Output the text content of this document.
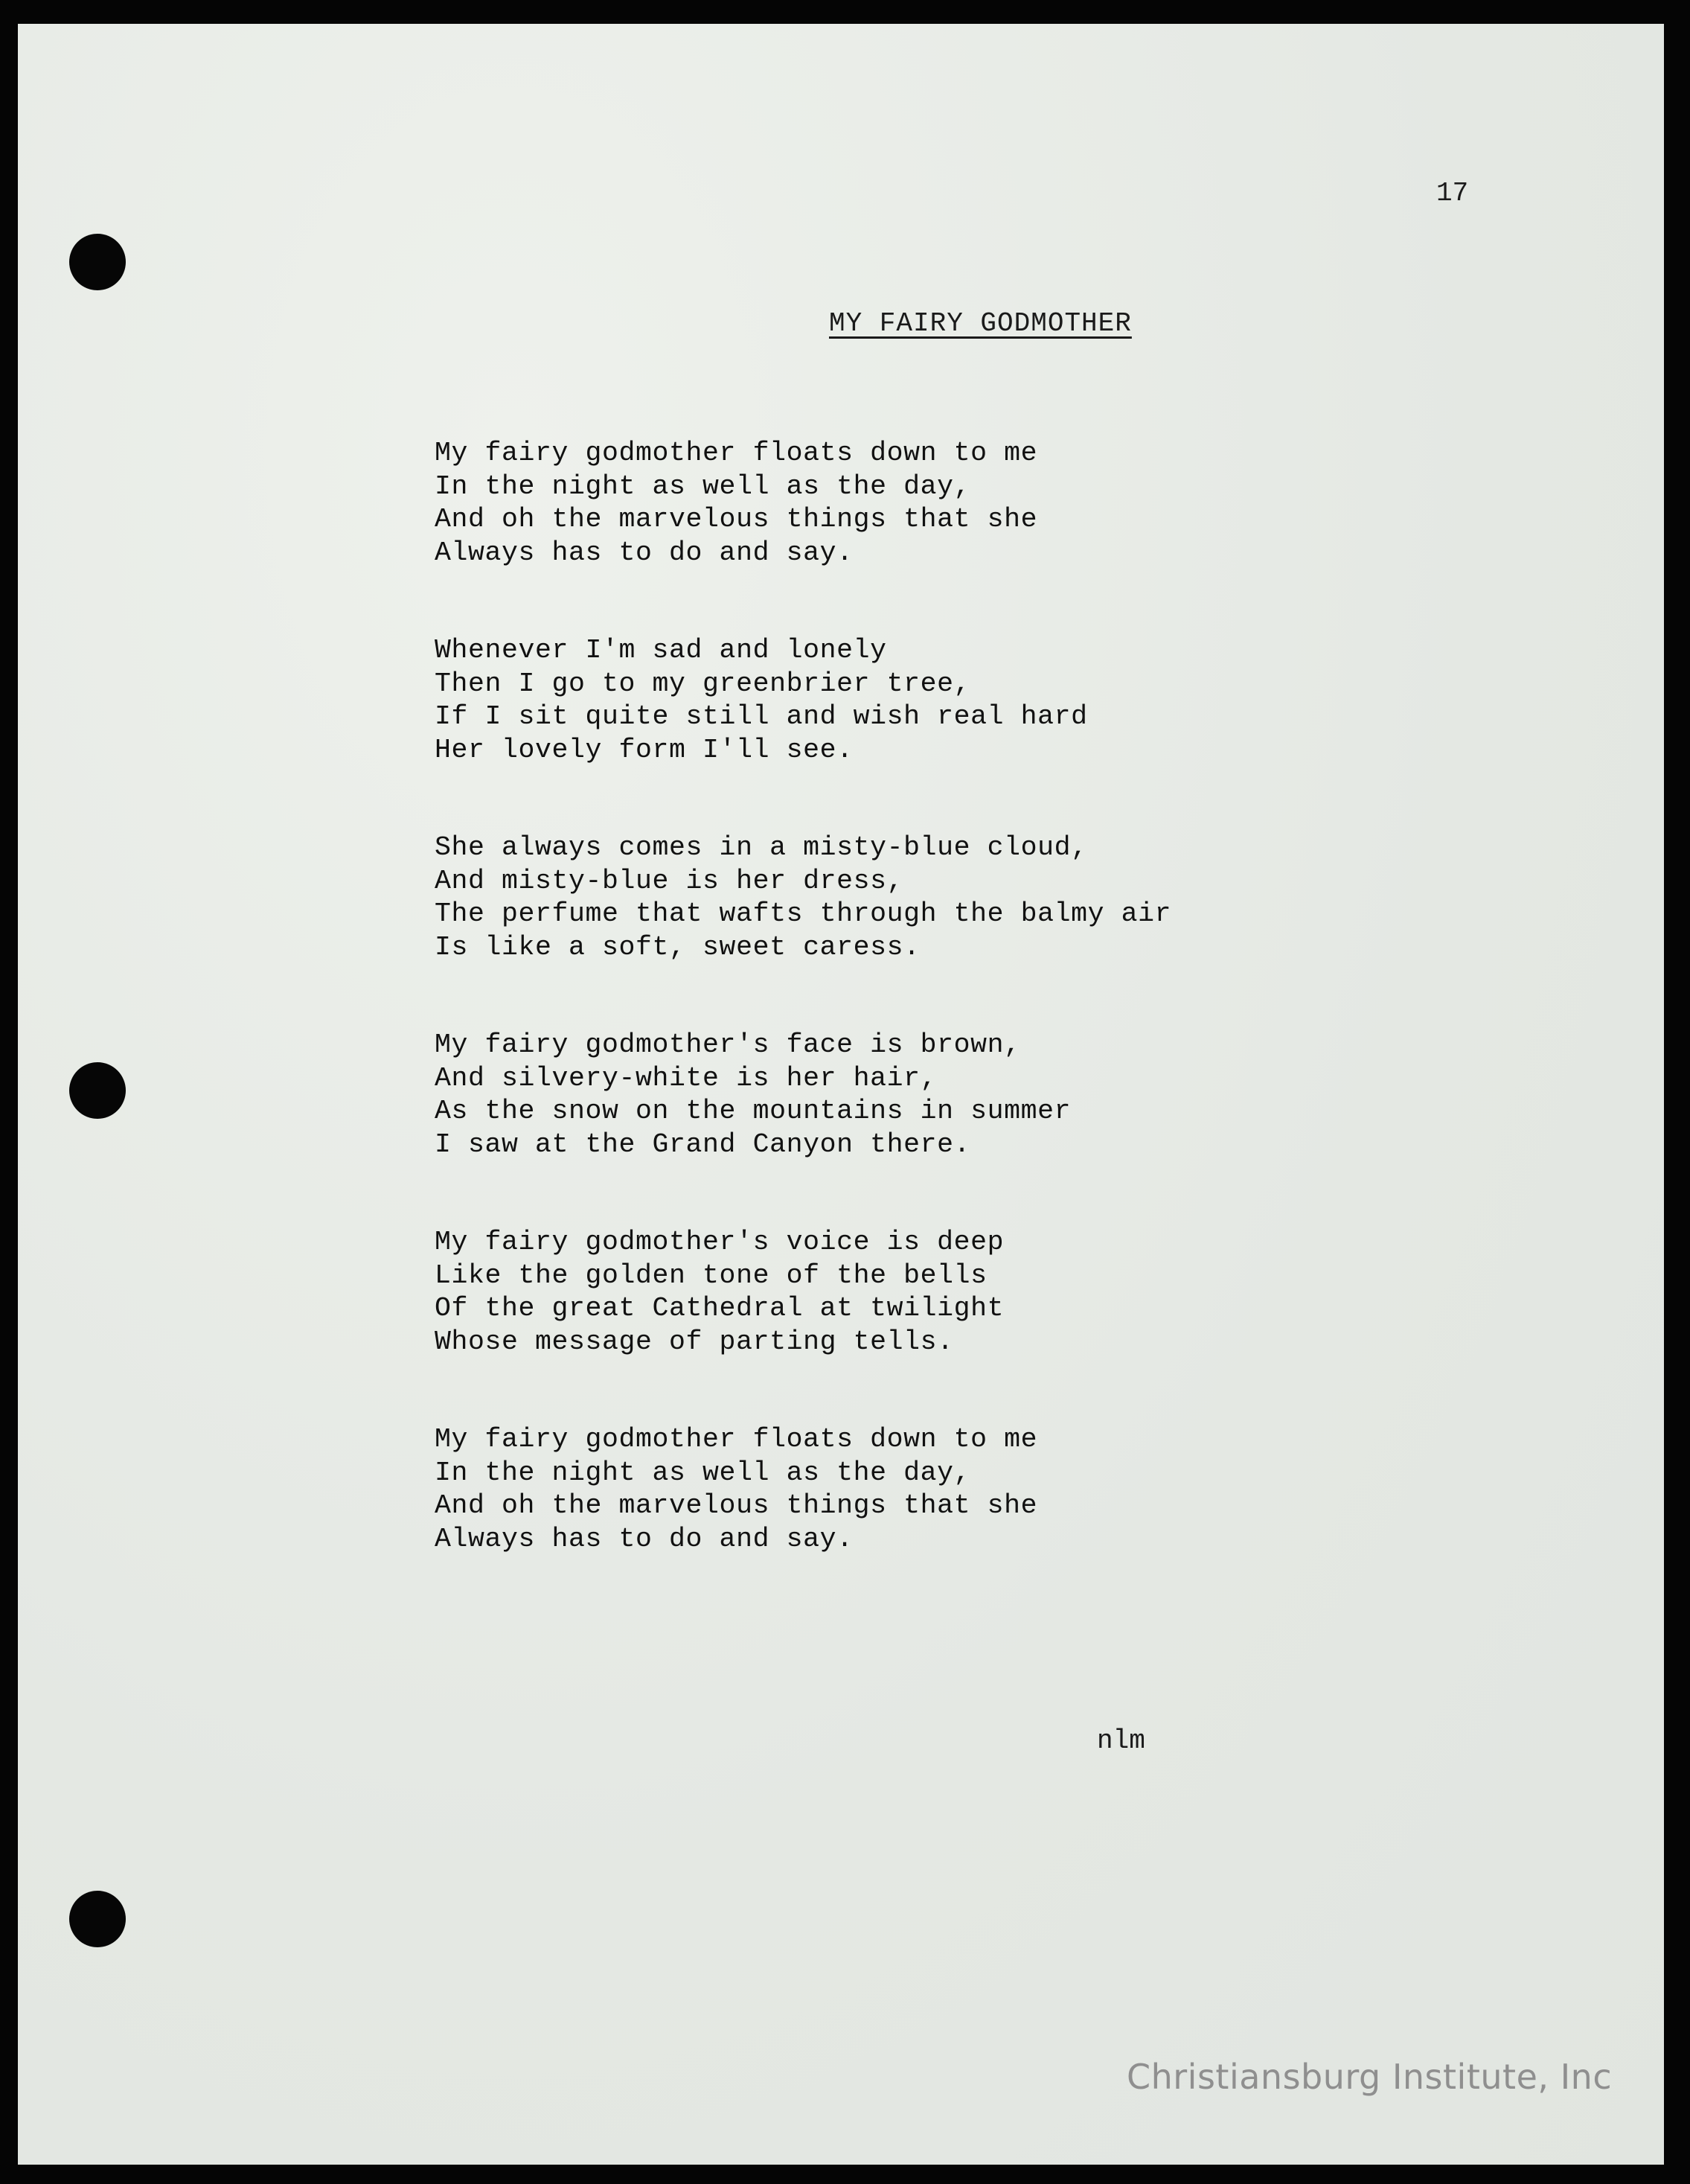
17
MY FAIRY GODMOTHER
My fairy godmother floats down to me
In the night as well as the day,
And oh the marvelous things that she
Always has to do and say.
Whenever I'm sad and lonely
Then I go to my greenbrier tree,
If I sit quite still and wish real hard
Her lovely form I'll see.
She always comes in a misty-blue cloud,
And misty-blue is her dress,
The perfume that wafts through the balmy air
Is like a soft, sweet caress.
My fairy godmother's face is brown,
And silvery-white is her hair,
As the snow on the mountains in summer
I saw at the Grand Canyon there.
My fairy godmother's voice is deep
Like the golden tone of the bells
Of the great Cathedral at twilight
Whose message of parting tells.
My fairy godmother floats down to me
In the night as well as the day,
And oh the marvelous things that she
Always has to do and say.
nlm
Christiansburg Institute, Inc
